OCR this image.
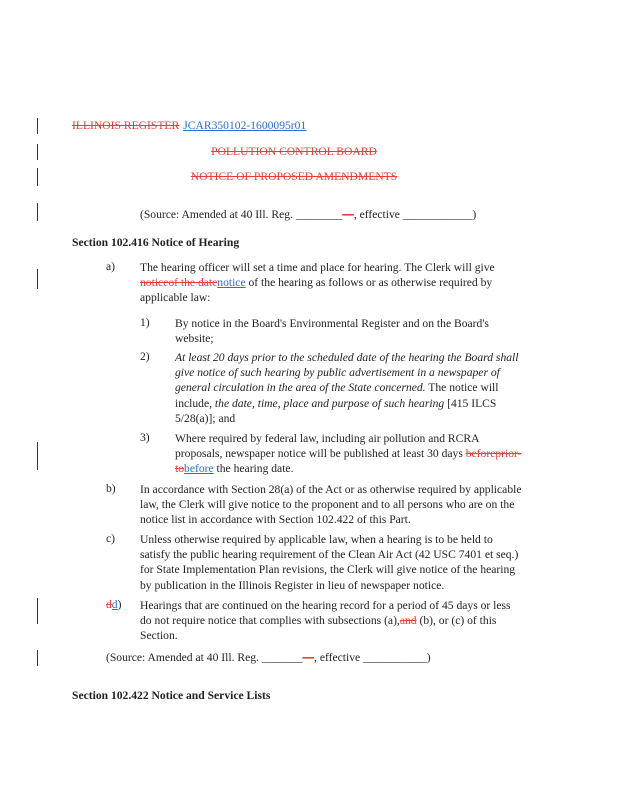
ILLINOIS REGISTER JCAR350102-1600095r01
POLLUTION CONTROL BOARD
NOTICE OF PROPOSED AMENDMENTS
(Source: Amended at 40 Ill. Reg. ________—, effective ____________)
Section 102.416 Notice of Hearing
a) The hearing officer will set a time and place for hearing. The Clerk will give
noticeof the datenotice of the hearing as follows or as otherwise required by
applicable law:
1) By notice in the Board's Environmental Register and on the Board's
website;
2) At least 20 days prior to the scheduled date of the hearing the Board shall
give notice of such hearing by public advertisement in a newspaper of
general circulation in the area of the State concerned. The notice will
include, the date, time, place and purpose of such hearing [415 ILCS
5/28(a)]; and
3) Where required by federal law, including air pollution and RCRA
proposals, newspaper notice will be published at least 30 days beforeprior-
tobefore the hearing date.
b) In accordance with Section 28(a) of the Act or as otherwise required by applicable
law, the Clerk will give notice to the proponent and to all persons who are on the
notice list in accordance with Section 102.422 of this Part.
c) Unless otherwise required by applicable law, when a hearing is to be held to
satisfy the public hearing requirement of the Clean Air Act (42 USC 7401 et seq.)
for State Implementation Plan revisions, the Clerk will give notice of the hearing
by publication in the Illinois Register in lieu of newspaper notice.
dd) Hearings that are continued on the hearing record for a period of 45 days or less
do not require notice that complies with subsections (a),and (b), or (c) of this
Section.
(Source: Amended at 40 Ill. Reg. _______—, effective ___________)
Section 102.422 Notice and Service Lists
